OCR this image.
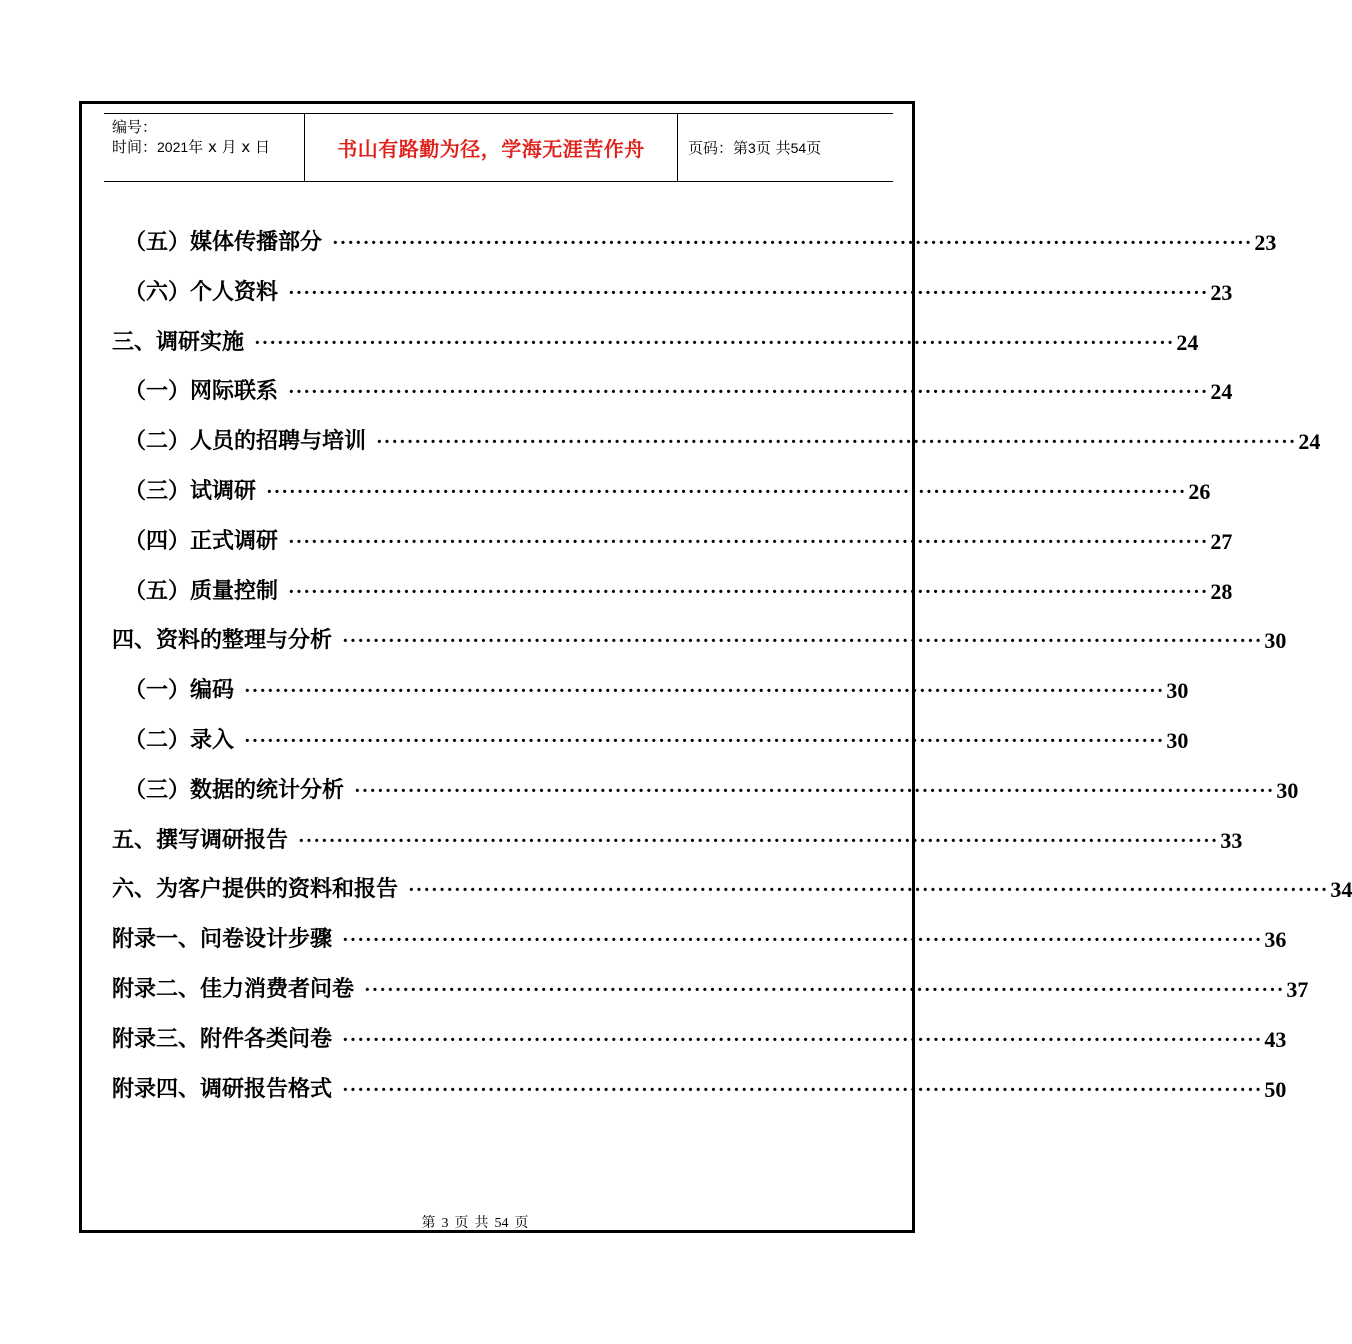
编号：
时间：2021年 x 月 x 日	书山有路勤为径，学海无涯苦作舟	页码：第 3 页 共 54 页
（五）媒体传播部分 ························································································································ 23
（六）个人资料 ························································································································ 23
三、调研实施 ························································································································ 24
（一）网际联系 ························································································································ 24
（二）人员的招聘与培训 ························································································································ 24
（三）试调研 ························································································································ 26
（四）正式调研 ························································································································ 27
（五）质量控制 ························································································································ 28
四、资料的整理与分析 ························································································································ 30
（一）编码 ························································································································ 30
（二）录入 ························································································································ 30
（三）数据的统计分析 ························································································································ 30
五、撰写调研报告 ························································································································ 33
六、为客户提供的资料和报告 ························································································································ 34
附录一、问卷设计步骤 ························································································································ 36
附录二、佳力消费者问卷 ························································································································ 37
附录三、附件各类问卷 ························································································································ 43
附录四、调研报告格式 ························································································································ 50
第 3 页 共 54 页
